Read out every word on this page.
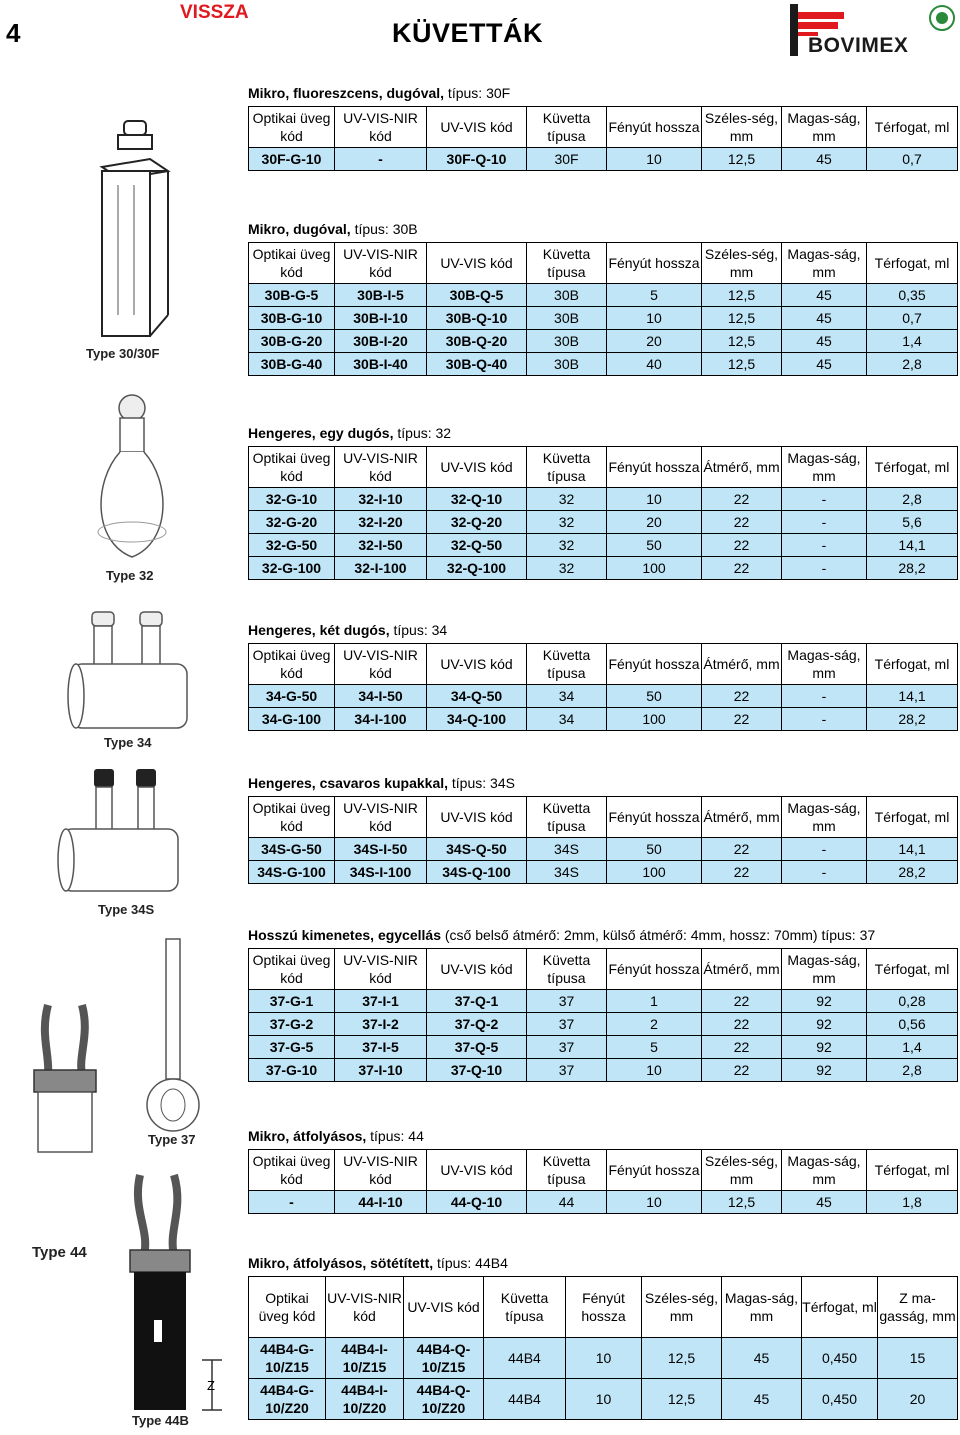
4
VISSZA
KÜVETTÁK	BOVIMEX
Type 30/30F
Type 32
Type 34
Type 34S
Type 37
Type 44
Z
Type 44B
Mikro, fluoreszcens, dugóval, típus: 30F
Optikai üveg kód	UV-VIS-NIR kód	UV-VIS kód	Küvetta típusa	Fényút hossza	Széles-ség, mm	Magas-ság, mm	Térfogat, ml
30F-G-10	-	30F-Q-10	30F	10	12,5	45	0,7
Mikro, dugóval, típus: 30B
Optikai üveg kód	UV-VIS-NIR kód	UV-VIS kód	Küvetta típusa	Fényút hossza	Széles-ség, mm	Magas-ság, mm	Térfogat, ml
30B-G-5	30B-I-5	30B-Q-5	30B	5	12,5	45	0,35
30B-G-10	30B-I-10	30B-Q-10	30B	10	12,5	45	0,7
30B-G-20	30B-I-20	30B-Q-20	30B	20	12,5	45	1,4
30B-G-40	30B-I-40	30B-Q-40	30B	40	12,5	45	2,8
Hengeres, egy dugós, típus: 32
Optikai üveg kód	UV-VIS-NIR kód	UV-VIS kód	Küvetta típusa	Fényút hossza	Átmérő, mm	Magas-ság, mm	Térfogat, ml
32-G-10	32-I-10	32-Q-10	32	10	22	-	2,8
32-G-20	32-I-20	32-Q-20	32	20	22	-	5,6
32-G-50	32-I-50	32-Q-50	32	50	22	-	14,1
32-G-100	32-I-100	32-Q-100	32	100	22	-	28,2
Hengeres, két dugós, típus: 34
Optikai üveg kód	UV-VIS-NIR kód	UV-VIS kód	Küvetta típusa	Fényút hossza	Átmérő, mm	Magas-ság, mm	Térfogat, ml
34-G-50	34-I-50	34-Q-50	34	50	22	-	14,1
34-G-100	34-I-100	34-Q-100	34	100	22	-	28,2
Hengeres, csavaros kupakkal, típus: 34S
Optikai üveg kód	UV-VIS-NIR kód	UV-VIS kód	Küvetta típusa	Fényút hossza	Átmérő, mm	Magas-ság, mm	Térfogat, ml
34S-G-50	34S-I-50	34S-Q-50	34S	50	22	-	14,1
34S-G-100	34S-I-100	34S-Q-100	34S	100	22	-	28,2
Hosszú kimenetes, egycellás (cső belső átmérő: 2mm, külső átmérő: 4mm, hossz: 70mm) típus: 37
Optikai üveg kód	UV-VIS-NIR kód	UV-VIS kód	Küvetta típusa	Fényút hossza	Átmérő, mm	Magas-ság, mm	Térfogat, ml
37-G-1	37-I-1	37-Q-1	37	1	22	92	0,28
37-G-2	37-I-2	37-Q-2	37	2	22	92	0,56
37-G-5	37-I-5	37-Q-5	37	5	22	92	1,4
37-G-10	37-I-10	37-Q-10	37	10	22	92	2,8
Mikro, átfolyásos, típus: 44
Optikai üveg kód	UV-VIS-NIR kód	UV-VIS kód	Küvetta típusa	Fényút hossza	Széles-ség, mm	Magas-ság, mm	Térfogat, ml
-	44-I-10	44-Q-10	44	10	12,5	45	1,8
Mikro, átfolyásos, sötétített, típus: 44B4
Optikai üveg kód	UV-VIS-NIR kód	UV-VIS kód	Küvetta típusa	Fényút hossza	Széles-ség, mm	Magas-ság, mm	Térfogat, ml	Z ma-gasság, mm
44B4-G-10/Z15	44B4-I-10/Z15	44B4-Q-10/Z15	44B4	10	12,5	45	0,450	15
44B4-G-10/Z20	44B4-I-10/Z20	44B4-Q-10/Z20	44B4	10	12,5	45	0,450	20
